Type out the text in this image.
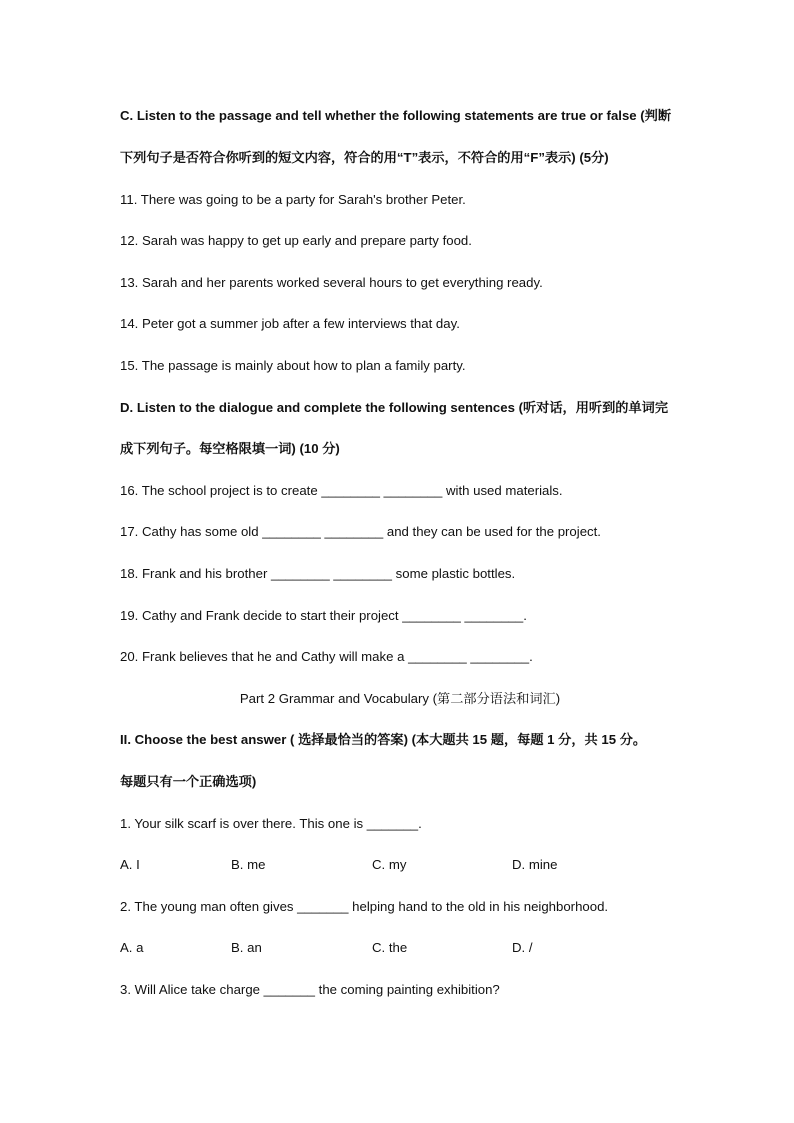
C. Listen to the passage and tell whether the following statements are true or false (判断
下列句子是否符合你听到的短文内容，符合的用“T”表示，不符合的用“F”表示) (5分)
11. There was going to be a party for Sarah's brother Peter.
12. Sarah was happy to get up early and prepare party food.
13. Sarah and her parents worked several hours to get everything ready.
14. Peter got a summer job after a few interviews that day.
15. The passage is mainly about how to plan a family party.
D. Listen to the dialogue and complete the following sentences (听对话，用听到的单词完
成下列句子。每空格限填一词) (10 分)
16. The school project is to create ________ ________ with used materials.
17. Cathy has some old ________ ________ and they can be used for the project.
18. Frank and his brother ________ ________ some plastic bottles.
19. Cathy and Frank decide to start their project ________ ________.
20. Frank believes that he and Cathy will make a ________ ________.
Part 2 Grammar and Vocabulary (第二部分语法和词汇)
II. Choose the best answer ( 选择最恰当的答案) (本大题共 15 题，每题 1 分，共 15 分。
每题只有一个正确选项)
1. Your silk scarf is over there. This one is _______.
A. I	B. me	C. my	D. mine
2. The young man often gives _______ helping hand to the old in his neighborhood.
A. a	B. an	C. the	D. /
3. Will Alice take charge _______ the coming painting exhibition?
